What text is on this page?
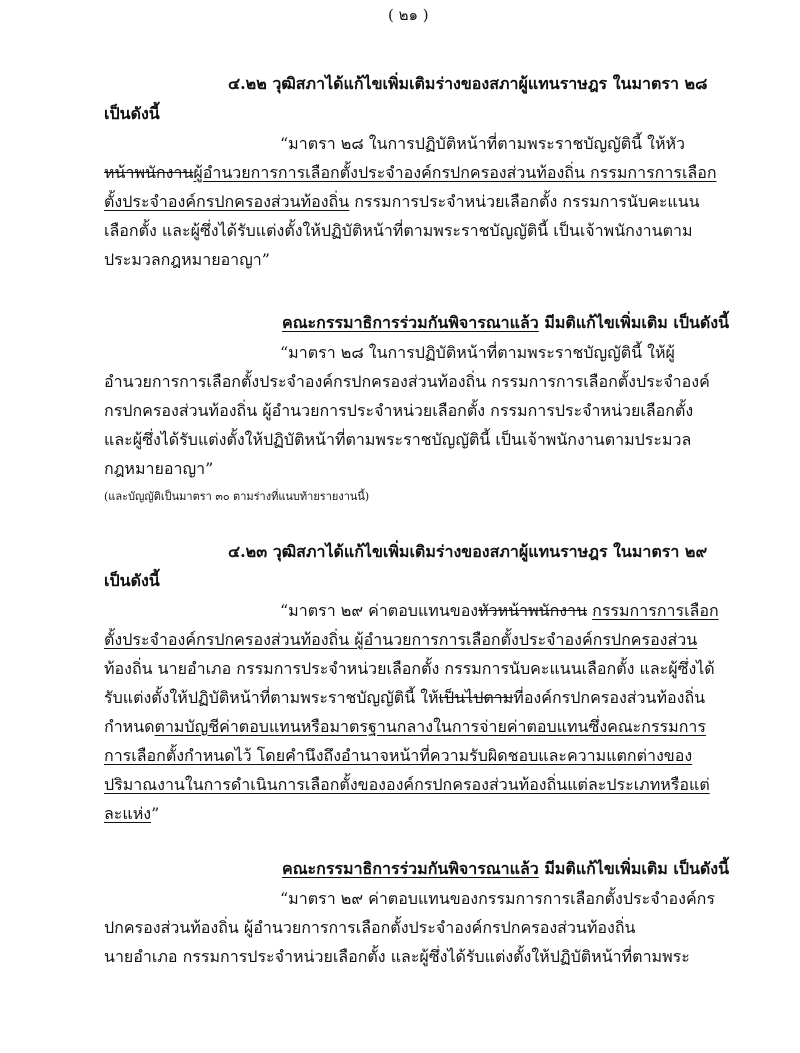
( ๒๑ )
๔.๒๒ วุฒิสภาได้แก้ไขเพิ่มเติมร่างของสภาผู้แทนราษฎร ในมาตรา ๒๘
เป็นดังนี้
“มาตรา ๒๘ ในการปฏิบัติหน้าที่ตามพระราชบัญญัตินี้ ให้หัว
หน้าพนักงานผู้อำนวยการการเลือกตั้งประจำองค์กรปกครองส่วนท้องถิ่น กรรมการการเลือก
ตั้งประจำองค์กรปกครองส่วนท้องถิ่น กรรมการประจำหน่วยเลือกตั้ง กรรมการนับคะแนน
เลือกตั้ง และผู้ซึ่งได้รับแต่งตั้งให้ปฏิบัติหน้าที่ตามพระราชบัญญัตินี้ เป็นเจ้าพนักงานตาม
ประมวลกฎหมายอาญา”
คณะกรรมาธิการร่วมกันพิจารณาแล้ว มีมติแก้ไขเพิ่มเติม เป็นดังนี้
“มาตรา ๒๘ ในการปฏิบัติหน้าที่ตามพระราชบัญญัตินี้ ให้ผู้
อำนวยการการเลือกตั้งประจำองค์กรปกครองส่วนท้องถิ่น กรรมการการเลือกตั้งประจำองค์
กรปกครองส่วนท้องถิ่น ผู้อำนวยการประจำหน่วยเลือกตั้ง กรรมการประจำหน่วยเลือกตั้ง
และผู้ซึ่งได้รับแต่งตั้งให้ปฏิบัติหน้าที่ตามพระราชบัญญัตินี้ เป็นเจ้าพนักงานตามประมวล
กฎหมายอาญา”
(และบัญญัติเป็นมาตรา ๓๐ ตามร่างที่แนบท้ายรายงานนี้)
๔.๒๓ วุฒิสภาได้แก้ไขเพิ่มเติมร่างของสภาผู้แทนราษฎร ในมาตรา ๒๙
เป็นดังนี้
“มาตรา ๒๙ ค่าตอบแทนของหัวหน้าพนักงาน กรรมการการเลือก
ตั้งประจำองค์กรปกครองส่วนท้องถิ่น ผู้อำนวยการการเลือกตั้งประจำองค์กรปกครองส่วน
ท้องถิ่น นายอำเภอ กรรมการประจำหน่วยเลือกตั้ง กรรมการนับคะแนนเลือกตั้ง และผู้ซึ่งได้
รับแต่งตั้งให้ปฏิบัติหน้าที่ตามพระราชบัญญัตินี้ ให้เป็นไปตามที่องค์กรปกครองส่วนท้องถิ่น
กำหนดตามบัญชีค่าตอบแทนหรือมาตรฐานกลางในการจ่ายค่าตอบแทนซึ่งคณะกรรมการ
การเลือกตั้งกำหนดไว้ โดยคำนึงถึงอำนาจหน้าที่ความรับผิดชอบและความแตกต่างของ
ปริมาณงานในการดำเนินการเลือกตั้งขององค์กรปกครองส่วนท้องถิ่นแต่ละประเภทหรือแต่
ละแห่ง”
คณะกรรมาธิการร่วมกันพิจารณาแล้ว มีมติแก้ไขเพิ่มเติม เป็นดังนี้
“มาตรา ๒๙ ค่าตอบแทนของกรรมการการเลือกตั้งประจำองค์กร
ปกครองส่วนท้องถิ่น ผู้อำนวยการการเลือกตั้งประจำองค์กรปกครองส่วนท้องถิ่น
นายอำเภอ กรรมการประจำหน่วยเลือกตั้ง และผู้ซึ่งได้รับแต่งตั้งให้ปฏิบัติหน้าที่ตามพระ
